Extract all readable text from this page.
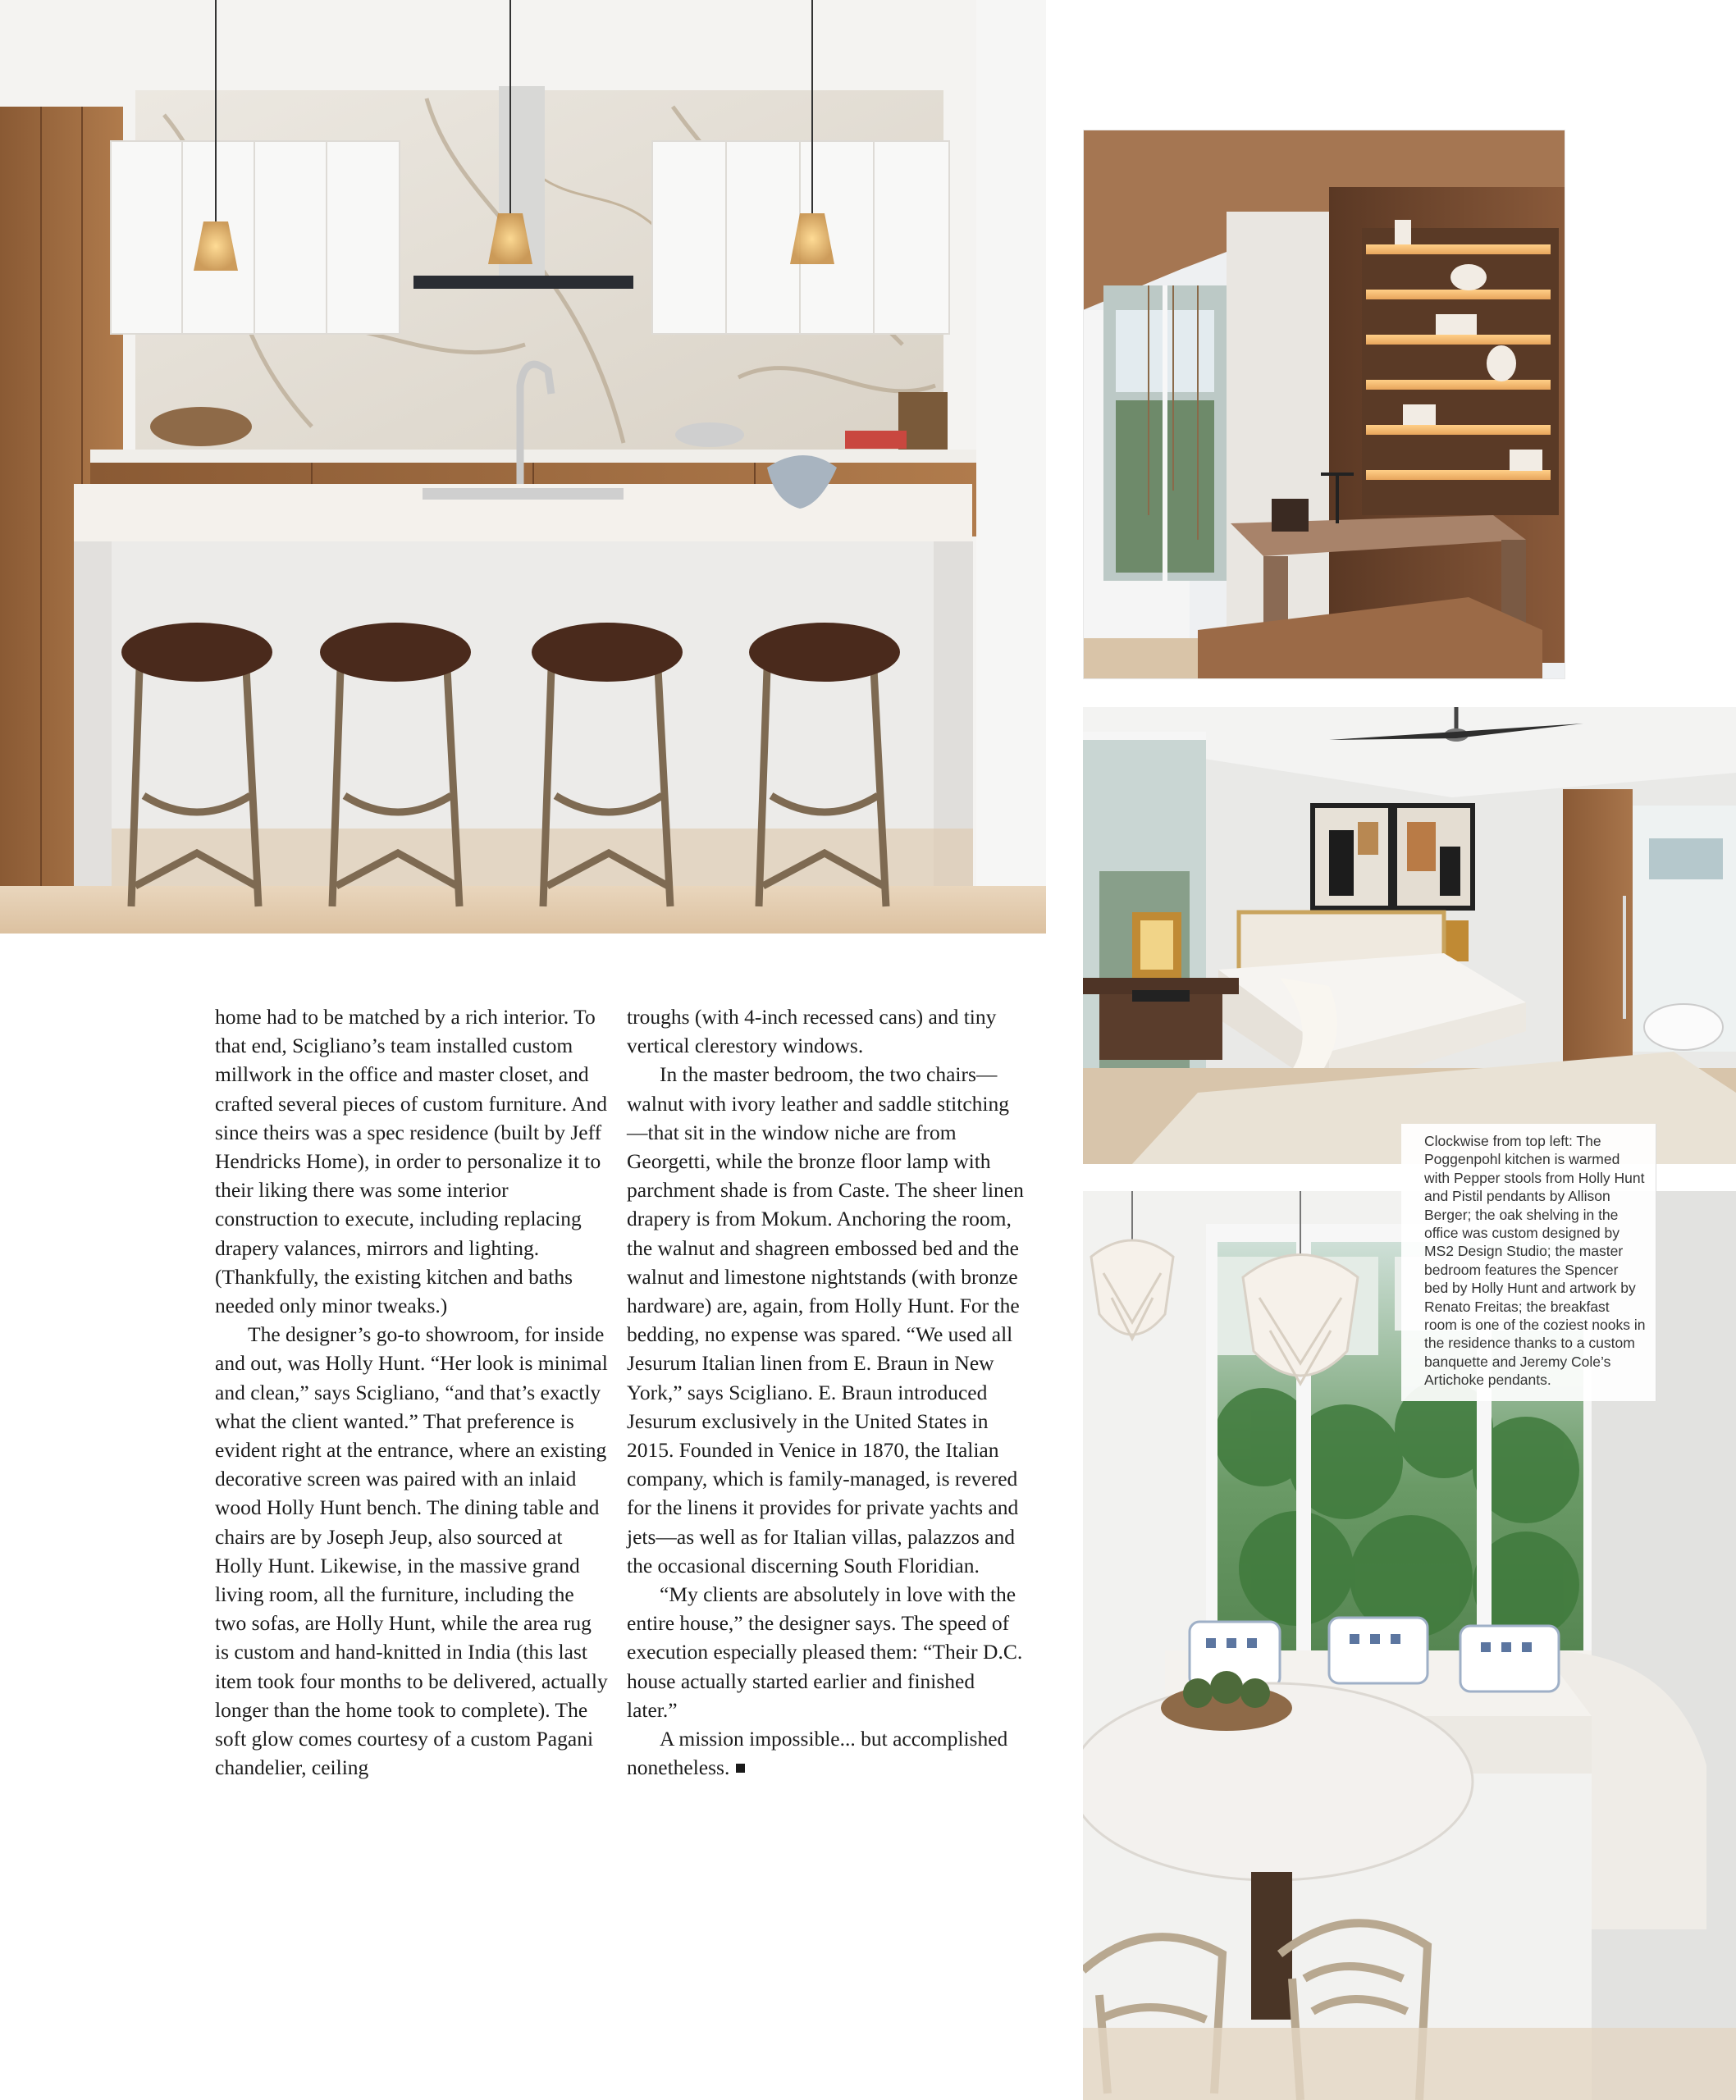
home had to be matched by a rich interior. To that end, Scigliano’s team installed custom millwork in the office and master closet, and crafted several pieces of custom furniture. And since theirs was a spec residence (built by Jeff Hendricks Home), in order to personalize it to their liking there was some interior construction to execute, including replacing drapery valances, mirrors and lighting. (Thankfully, the existing kitchen and baths needed only minor tweaks.)

The designer’s go-to showroom, for inside and out, was Holly Hunt. “Her look is minimal and clean,” says Scigliano, “and that’s exactly what the client wanted.” That preference is evident right at the entrance, where an existing decorative screen was paired with an inlaid wood Holly Hunt bench. The dining table and chairs are by Joseph Jeup, also sourced at Holly Hunt. Likewise, in the massive grand living room, all the furniture, including the two sofas, are Holly Hunt, while the area rug is custom and hand-knitted in India (this last item took four months to be delivered, actually longer than the home took to complete). The soft glow comes courtesy of a custom Pagani chandelier, ceiling

troughs (with 4-inch recessed cans) and tiny vertical clerestory windows.

In the master bedroom, the two chairs—walnut with ivory leather and saddle stitching—that sit in the window niche are from Georgetti, while the bronze floor lamp with parchment shade is from Caste. The sheer linen drapery is from Mokum. Anchoring the room, the walnut and shagreen embossed bed and the walnut and limestone nightstands (with bronze hardware) are, again, from Holly Hunt. For the bedding, no expense was spared. “We used all Jesurum Italian linen from E. Braun in New York,” says Scigliano. E. Braun introduced Jesurum exclusively in the United States in 2015. Founded in Venice in 1870, the Italian company, which is family-managed, is revered for the linens it provides for private yachts and jets—as well as for Italian villas, palazzos and the occasional discerning South Floridian.

“My clients are absolutely in love with the entire house,” the designer says. The speed of execution especially pleased them: “Their D.C. house actually started earlier and finished later.”

A mission impossible... but accomplished nonetheless.

Clockwise from top left: The Poggenpohl kitchen is warmed with Pepper stools from Holly Hunt and Pistil pendants by Allison Berger; the oak shelving in the office was custom designed by MS2 Design Studio; the master bedroom features the Spencer bed by Holly Hunt and artwork by Renato Freitas; the breakfast room is one of the coziest nooks in the residence thanks to a custom banquette and Jeremy Cole’s Artichoke pendants.
